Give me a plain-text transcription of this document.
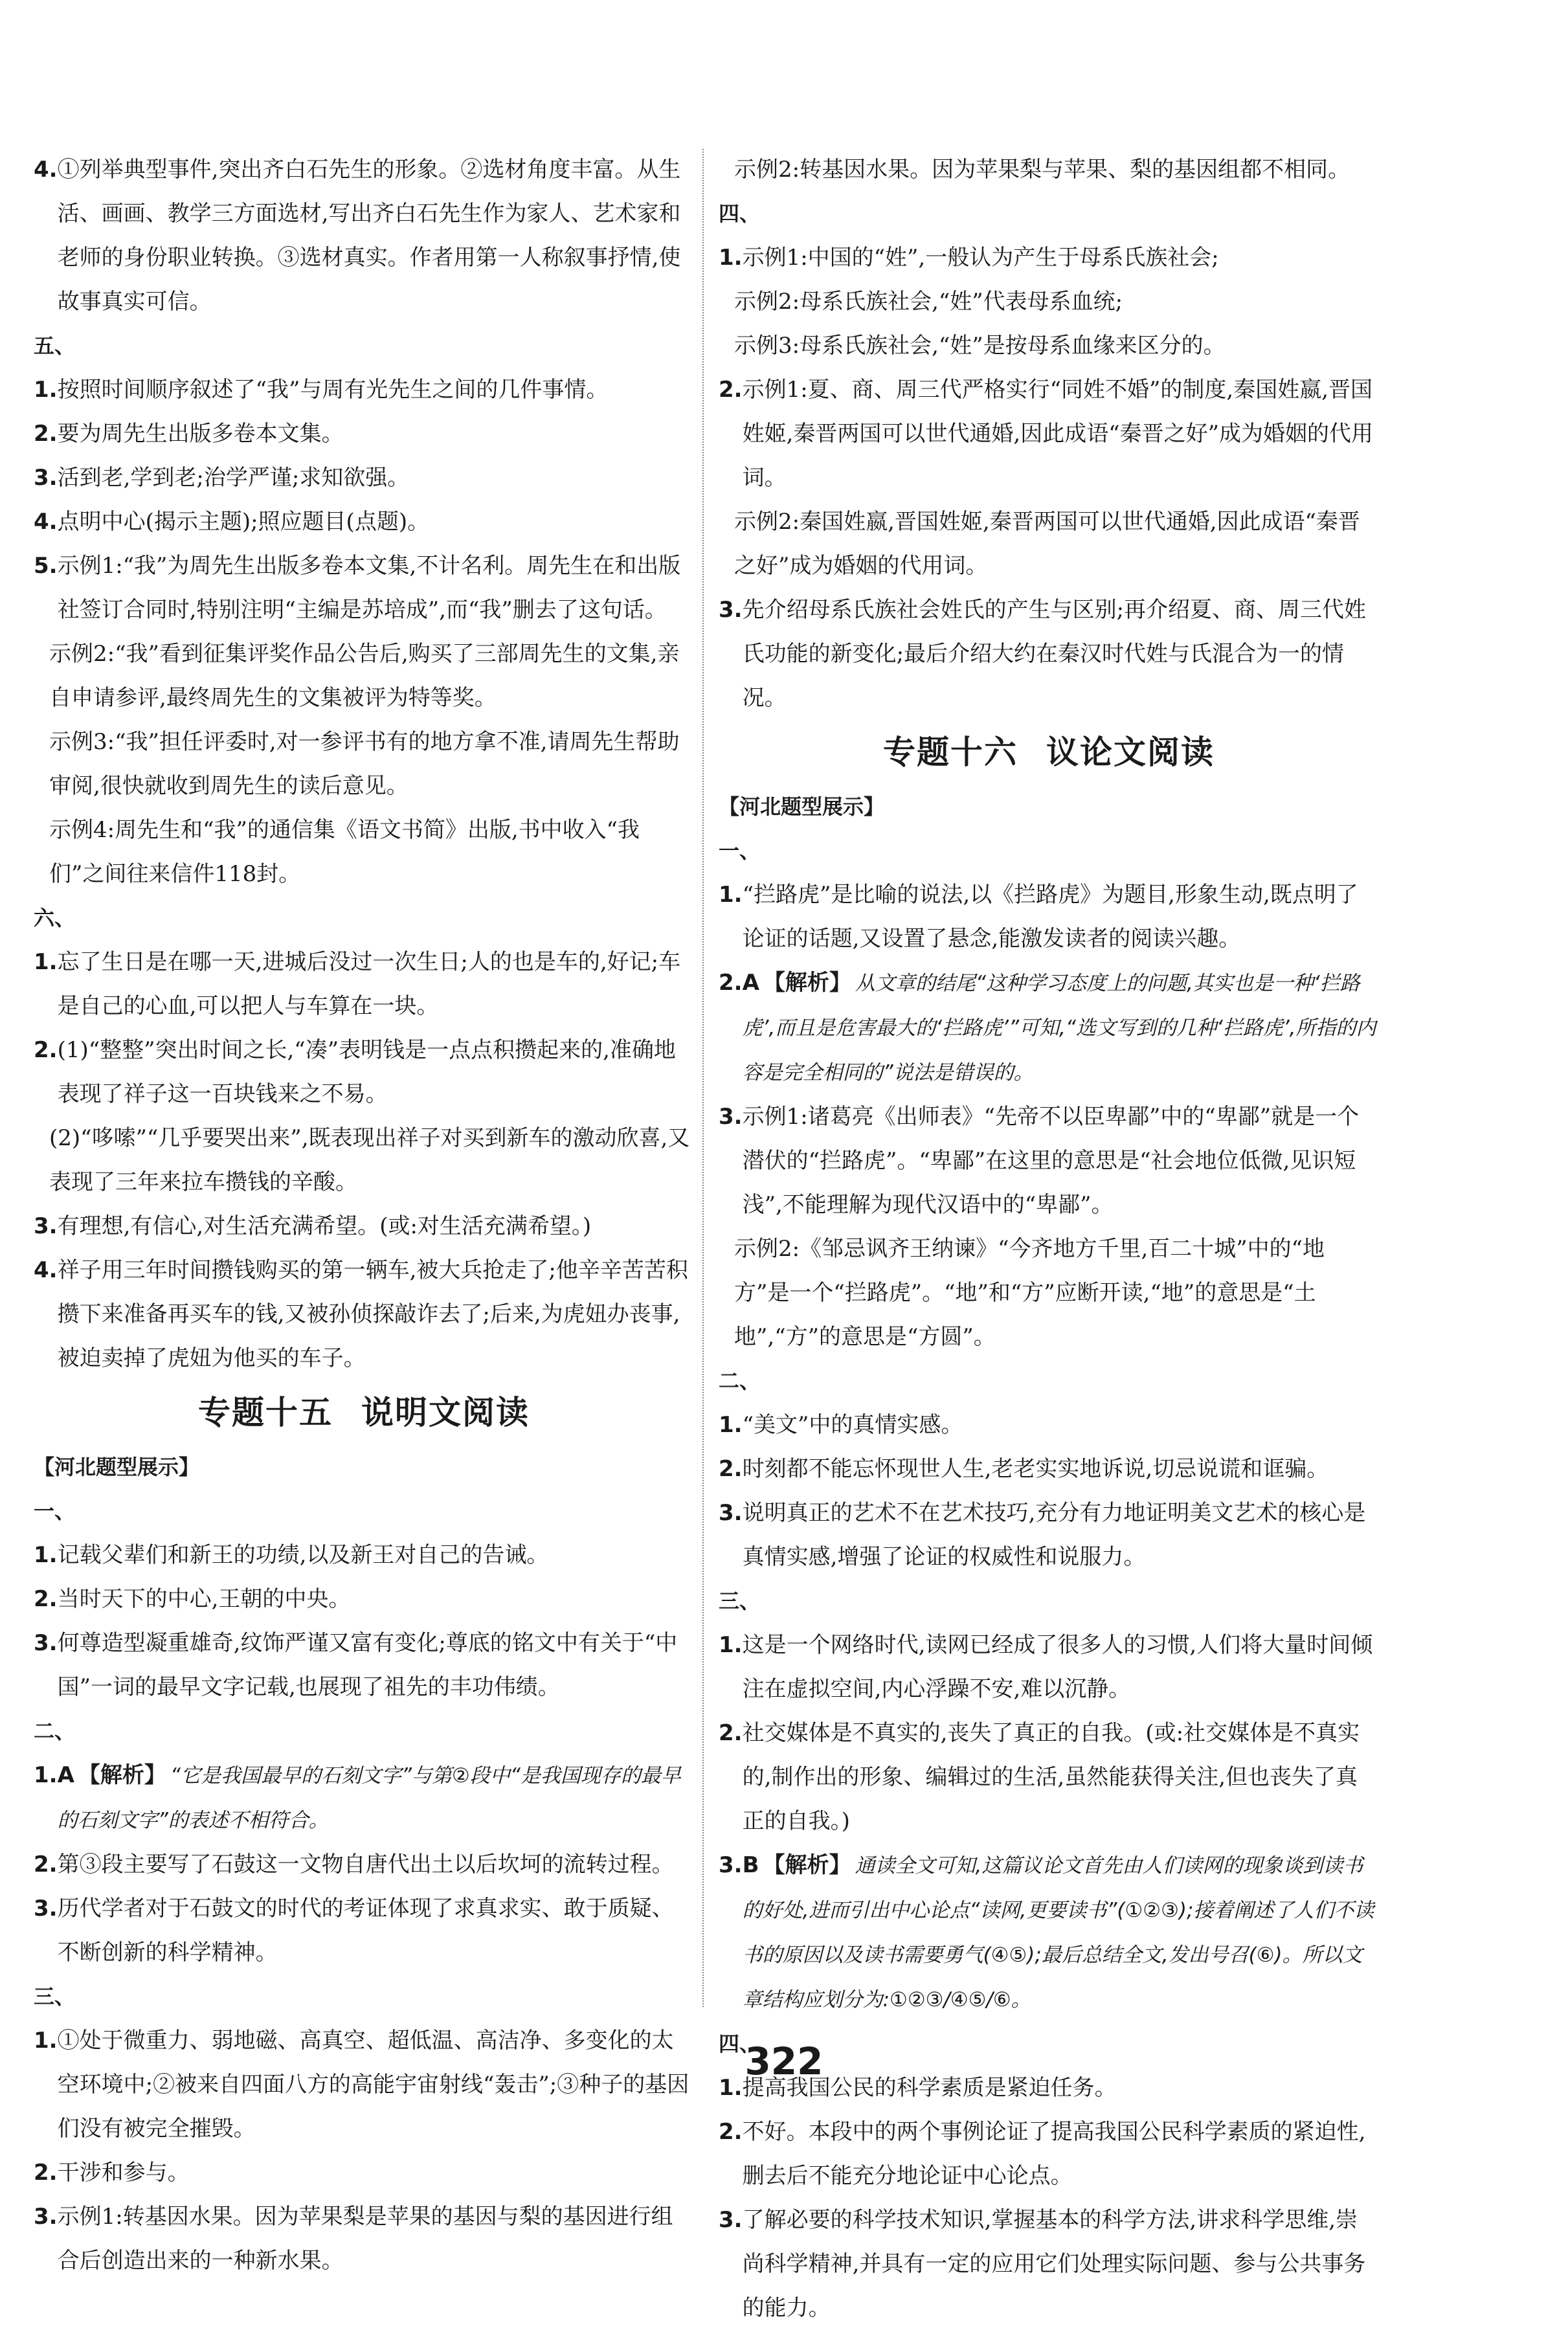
4. ①列举典型事件,突出齐白石先生的形象。②选材角度丰富。从生活、画画、教学三方面选材,写出齐白石先生作为家人、艺术家和老师的身份职业转换。③选材真实。作者用第一人称叙事抒情,使故事真实可信。
五、
1. 按照时间顺序叙述了“我”与周有光先生之间的几件事情。
2. 要为周先生出版多卷本文集。
3. 活到老,学到老;治学严谨;求知欲强。
4. 点明中心(揭示主题);照应题目(点题)。
5. 示例1:“我”为周先生出版多卷本文集,不计名利。周先生在和出版社签订合同时,特别注明“主编是苏培成”,而“我”删去了这句话。
示例2:“我”看到征集评奖作品公告后,购买了三部周先生的文集,亲自申请参评,最终周先生的文集被评为特等奖。
示例3:“我”担任评委时,对一参评书有的地方拿不准,请周先生帮助审阅,很快就收到周先生的读后意见。
示例4:周先生和“我”的通信集《语文书简》出版,书中收入“我们”之间往来信件118封。
六、
1. 忘了生日是在哪一天,进城后没过一次生日;人的也是车的,好记;车是自己的心血,可以把人与车算在一块。
2. (1)“整整”突出时间之长,“凑”表明钱是一点点积攒起来的,准确地表现了祥子这一百块钱来之不易。
(2)“哆嗦”“几乎要哭出来”,既表现出祥子对买到新车的激动欣喜,又表现了三年来拉车攒钱的辛酸。
3. 有理想,有信心,对生活充满希望。(或:对生活充满希望。)
4. 祥子用三年时间攒钱购买的第一辆车,被大兵抢走了;他辛辛苦苦积攒下来准备再买车的钱,又被孙侦探敲诈去了;后来,为虎妞办丧事,被迫卖掉了虎妞为他买的车子。
专题十五 说明文阅读
【河北题型展示】
一、
1. 记载父辈们和新王的功绩,以及新王对自己的告诫。
2. 当时天下的中心,王朝的中央。
3. 何尊造型凝重雄奇,纹饰严谨又富有变化;尊底的铭文中有关于“中国”一词的最早文字记载,也展现了祖先的丰功伟绩。
二、
1. A 【解析】 “它是我国最早的石刻文字”与第②段中“是我国现存的最早的石刻文字”的表述不相符合。
2. 第③段主要写了石鼓这一文物自唐代出土以后坎坷的流转过程。
3. 历代学者对于石鼓文的时代的考证体现了求真求实、敢于质疑、不断创新的科学精神。
三、
1. ①处于微重力、弱地磁、高真空、超低温、高洁净、多变化的太空环境中;②被来自四面八方的高能宇宙射线“轰击”;③种子的基因们没有被完全摧毁。
2. 干涉和参与。
3. 示例1:转基因水果。因为苹果梨是苹果的基因与梨的基因进行组合后创造出来的一种新水果。
示例2:转基因水果。因为苹果梨与苹果、梨的基因组都不相同。
四、
1. 示例1:中国的“姓”,一般认为产生于母系氏族社会;
示例2:母系氏族社会,“姓”代表母系血统;
示例3:母系氏族社会,“姓”是按母系血缘来区分的。
2. 示例1:夏、商、周三代严格实行“同姓不婚”的制度,秦国姓嬴,晋国姓姬,秦晋两国可以世代通婚,因此成语“秦晋之好”成为婚姻的代用词。
示例2:秦国姓嬴,晋国姓姬,秦晋两国可以世代通婚,因此成语“秦晋之好”成为婚姻的代用词。
3. 先介绍母系氏族社会姓氏的产生与区别;再介绍夏、商、周三代姓氏功能的新变化;最后介绍大约在秦汉时代姓与氏混合为一的情况。
专题十六 议论文阅读
【河北题型展示】
一、
1. “拦路虎”是比喻的说法,以《拦路虎》为题目,形象生动,既点明了论证的话题,又设置了悬念,能激发读者的阅读兴趣。
2. A 【解析】 从文章的结尾“这种学习态度上的问题,其实也是一种‘拦路虎’,而且是危害最大的‘拦路虎’”可知,“选文写到的几种‘拦路虎’,所指的内容是完全相同的”说法是错误的。
3. 示例1:诸葛亮《出师表》“先帝不以臣卑鄙”中的“卑鄙”就是一个潜伏的“拦路虎”。“卑鄙”在这里的意思是“社会地位低微,见识短浅”,不能理解为现代汉语中的“卑鄙”。
示例2:《邹忌讽齐王纳谏》“今齐地方千里,百二十城”中的“地方”是一个“拦路虎”。“地”和“方”应断开读,“地”的意思是“土地”,“方”的意思是“方圆”。
二、
1. “美文”中的真情实感。
2. 时刻都不能忘怀现世人生,老老实实地诉说,切忌说谎和诓骗。
3. 说明真正的艺术不在艺术技巧,充分有力地证明美文艺术的核心是真情实感,增强了论证的权威性和说服力。
三、
1. 这是一个网络时代,读网已经成了很多人的习惯,人们将大量时间倾注在虚拟空间,内心浮躁不安,难以沉静。
2. 社交媒体是不真实的,丧失了真正的自我。(或:社交媒体是不真实的,制作出的形象、编辑过的生活,虽然能获得关注,但也丧失了真正的自我。)
3. B 【解析】 通读全文可知,这篇议论文首先由人们读网的现象谈到读书的好处,进而引出中心论点“读网,更要读书”(①②③);接着阐述了人们不读书的原因以及读书需要勇气(④⑤);最后总结全文,发出号召(⑥)。所以文章结构应划分为:①②③/④⑤/⑥。
四、
1. 提高我国公民的科学素质是紧迫任务。
2. 不好。本段中的两个事例论证了提高我国公民科学素质的紧迫性,删去后不能充分地论证中心论点。
3. 了解必要的科学技术知识,掌握基本的科学方法,讲求科学思维,崇尚科学精神,并具有一定的应用它们处理实际问题、参与公共事务的能力。
322
